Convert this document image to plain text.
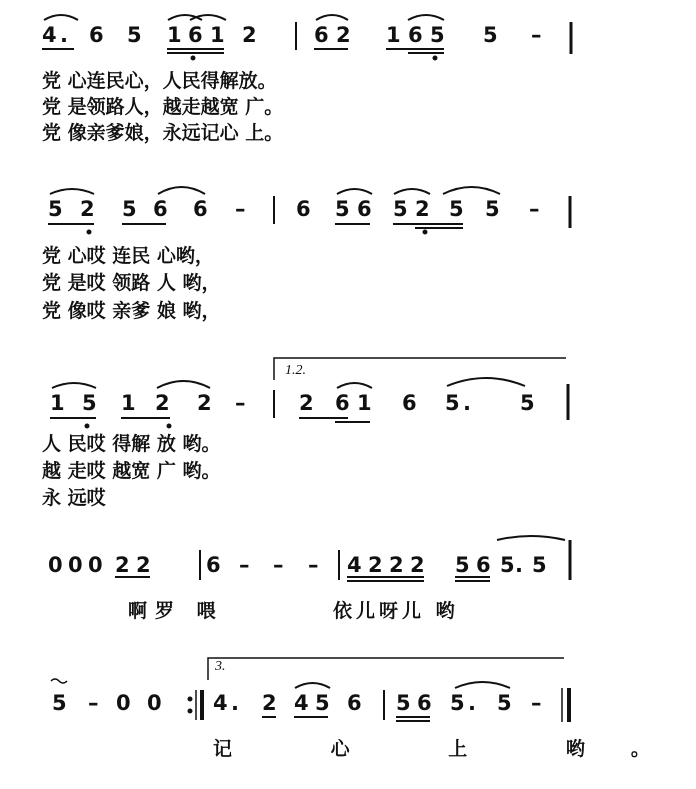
4 . 6 5 1 6 1 2	6 2 1 6 5 5 –
党 心连民心，人民得解放。
党 是领路人，越走越宽 广。
党 像亲爹娘，永远记心 上。
5 2 5 6 6 – 6 5 6 5 2 5 5 –
党 心哎 连民 心哟，
党 是哎 领路 人 哟，
党 像哎 亲爹 娘 哟，
1.2.
1 5 1 2 2 –	2 6 1 6 5 . 5
人 民哎 得解 放 哟。
越 走哎 越宽 广 哟。
永 远哎
0 0 0 2 2	6 – – – 4 2 2 2 5 6 5 . 5
啊罗 喂	依儿呀儿 哟
3.
5 – 0 0 4 . 2 4 5 6 5 6 5 . 5 –
记 心 上 哟。
